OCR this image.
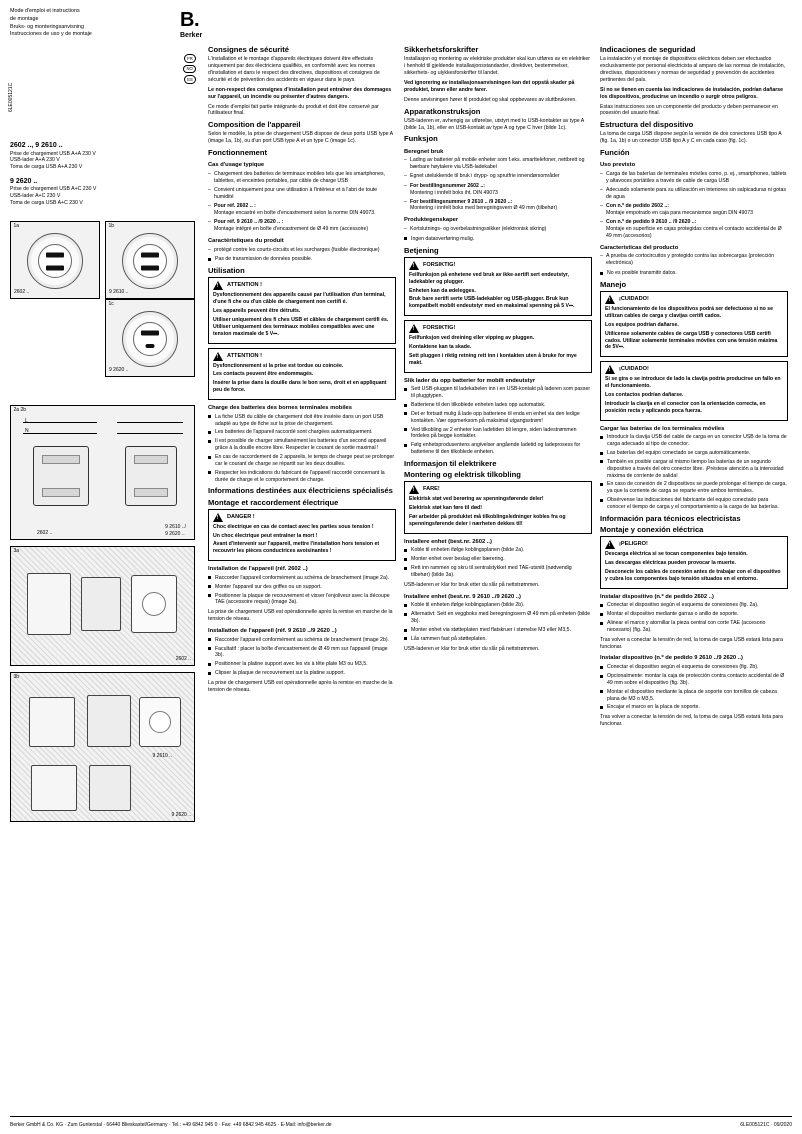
Mode d'emploi et instructions
de montage
Bruks- og monteringsanvisning
Instrucciones de uso y de montaje
6LE005121C
B.
Berker
FR
NO
ES
2602 .., 9 2610 ..
Prise de chargement USB A+A 230 V
USB-lader A+A 230 V
Toma de carga USB A+A 230 V
9 2620 ..
Prise de chargement USB A+C 230 V
USB-lader A+C 230 V
Toma de carga USB A+C 230 V
1a
2602 ..
1b
9 2610 ..
1c
9 2620 ..
2a 2b
L
N
2602 ..
9 2610 ../
9 2620 ..
3a
2602 ..
3b
9 2610 ..
9 2620 ..
Consignes de sécurité

L'installation et le montage d'appareils électriques doivent être effectués uniquement par des électriciens qualifiés, en conformité avec les normes d'installation et dans le respect des directives, dispositions et consignes de sécurité et de prévention des accidents en vigueur dans le pays.

Le non-respect des consignes d'installation peut entraîner des dommages sur l'appareil, un incendie ou présenter d'autres dangers.

Ce mode d'emploi fait partie intégrante du produit et doit être conservé par l'utilisateur final.

Composition de l'appareil

Selon le modèle, la prise de chargement USB dispose de deux ports USB type A (image 1a, 1b), ou d'un port USB type A et un type C (image 1c).

Fonctionnement
Cas d'usage typique
– Chargement des batteries de terminaux mobiles tels que les smartphones, tablettes, et enceintes portables, par câble de charge USB
– Convient uniquement pour une utilisation à l'intérieur et à l'abri de toute humidité
– Pour réf. 2602 .. :
Montage encastré en boîte d'encastrement selon la norme DIN 49073.
– Pour réf. 9 2610 .. /9 2620 .. :
Montage intégré en boîte d'encastrement de Ø 49 mm (accessoire)
Caractéristiques du produit
– protégé contre les courts-circuits et les surcharges (fusible électronique)
Pas de transmission de données possible.
Utilisation
!
ATTENTION !

Dysfonctionnement des appareils causé par l'utilisation d'un terminal, d'une fi che ou d'un câble de chargement non certifi é.

Les appareils peuvent être détruits.

Utiliser uniquement des fi ches USB et câbles de chargement certifi és. Utiliser uniquement des terminaux mobiles compatibles avec une tension maximale de 5 V⎓.

!
ATTENTION !

Dysfonctionnement si la prise est tordue ou coincée.

Les contacts peuvent être endommagés.

Insérer la prise dans la douille dans le bon sens, droit et en appliquant peu de force.

Charge des batteries des bornes terminales mobiles
La fiche USB du câble de chargement doit être insérée dans un port USB adapté au type de fiche sur la prise de chargement.
Les batteries de l'appareil raccordé sont chargées automatiquement.
Il est possible de charger simultanément les batteries d'un second appareil grâce à la douille encore libre. Respecter le courant de sortie maximal !
En cas de raccordement de 2 appareils, le temps de charge peut se prolonger car le courant de charge se répartit sur les deux douilles.
Respecter les indications du fabricant de l'appareil raccordé concernant la durée de charge et le comportement de charge.
Informations destinées aux électriciens spécialisés
Montage et raccordement électrique
!
DANGER !

Choc électrique en cas de contact avec les parties sous tension !

Un choc électrique peut entraîner la mort !

Avant d'intervenir sur l'appareil, mettre l'installation hors tension et recouvrir les pièces conductrices avoisinantes !

Installation de l'appareil (réf. 2602 ..)
Raccorder l'appareil conformément au schéma de branchement (image 2a).
Monter l'appareil sur des griffes ou un support.
Positionner la plaque de recouvrement et visser l'enjoliveur avec la découpe TAE (accessoire requis) (image 3a).

La prise de chargement USB est opérationnelle après la remise en marche de la tension de réseau.

Installation de l'appareil (réf. 9 2610 ../9 2620 ..)
Raccorder l'appareil conformément au schéma de branchement (image 2b).
Facultatif : placer la boîte d'encastrement de Ø 49 mm sur l'appareil (image 3b).
Positionner la platine support avec les vis à tête plate M3 ou M3,5.
Clipser la plaque de recouvrement sur la platine support.

La prise de chargement USB est opérationnelle après la remise en marche de la tension de réseau.

Sikkerhetsforskrifter

Installasjon og montering av elektriske produkter skal kun utføres av en elektriker i henhold til gjeldende installasjonsstandarder, direktiver, bestemmelser, sikkerhets- og ulykkesforskrifter til landet.

Ved ignorering av installasjonsanvisningen kan det oppstå skader på produktet, brann eller andre farer.

Denne anvisningen hører til produktet og skal oppbevares av sluttbrukeren.

Apparatkonstruksjon

USB-laderen er, avhengig av utførelse, utstyrt med to USB-kontakter av type A (bilde 1a, 1b), eller en USB-kontakt av type A og type C hver (bilde 1c).

Funksjon
Beregnet bruk
– Lading av batterier på mobile enheter som f.eks. smarttelefoner, nettbrett og bærbare høytalere via USB-ladekabel
– Egnet utelukkende til bruk i drypp- og sprutfrie innendørsområder
– For bestillingsnummer 2602 ..:
Montering i innfelt boks iht. DIN 49073
– For bestillingsnummer 9 2610 .. /9 2620 ..:
Montering i innfelt boks med beregningsvern Ø 49 mm (tilbehør)
Produktegenskaper
– Kortslutnings- og overbelastningssikker (elektronisk sikring)
Ingen dataoverføring mulig.
Betjening
!
FORSIKTIG!

Feilfunksjon på enhetene ved bruk av ikke-sertifi sert endeutstyr, ladekabler og plugger.

Enheten kan da ødelegges.

Bruk bare sertifi serte USB-ladekabler og USB-plugger. Bruk kun kompatibelt mobilt endeutstyr med en maksimal spenning på 5 V⎓.

!
FORSIKTIG!

Feilfunksjon ved dreining eller vipping av pluggen.

Kontaktene kan ta skade.

Sett pluggen i riktig retning rett inn i kontakten uten å bruke for mye makt.

Slik lader du opp batterier for mobilt endeutstyr
Sett USB-pluggen til ladekabelen inn i en USB-kontakt på laderen som passer til pluggtypen.
Batteriene til den tilkoblede enheten lades opp automatisk.
Det er fortsatt mulig å lade opp batteriene til enda en enhet via den ledige kontakten. Vær oppmerksom på maksimal utgangsstrøm!
Ved tilkobling av 2 enheter kan ladetiden bli lengre, siden ladestrømmen fordeles på begge kontakter.
Følg enhetsprodusentens angivelser angående ladetid og ladeprosess for batteriene til den tilkoblede enheten.
Informasjon til elektrikere
Montering og elektrisk tilkobling
!
FARE!

Elektrisk støt ved berøring av spenningsførende deler!

Elektrisk støt kan føre til død!

Før arbeider på produktet må tilkoblingsledninger kobles fra og spenningsførende deler i nærheten dekkes til!

Installere enhet (best.nr. 2602 ..)
Koble til enheten ifølge koblingsplanen (bilde 2a).
Monter enhet over beslag eller bærering.
Rett inn rammen og skru til sentralstykket med TAE-utsnitt (nødvendig tilbehør) (bilde 3a).

USB-laderen er klar for bruk etter du slår på nettstrømmen.

Installere enhet (best.nr. 9 2610 ../9 2620 ..)
Koble til enheten ifølge koblingsplanen (bilde 2b).
Alternativt: Sett en veggboks med beregningsvern Ø 49 mm på enheten (bilde 3b).
Monter enhet via støtteplaten med flatskruer i størrelse M3 eller M3,5.
Lås rammen fast på støtteplaten.

USB-laderen er klar for bruk etter du slår på nettstrømmen.

Indicaciones de seguridad

La instalación y el montaje de dispositivos eléctricos deben ser efectuados exclusivamente por personal electricista al amparo de las normas de instalación, directivas, disposiciones y normas de seguridad y prevención de accidentes pertinentes del país.

Si no se tienen en cuenta las indicaciones de instalación, podrían dañarse los dispositivos, producirse un incendio o surgir otros peligros.

Estas instrucciones son un componente del producto y deben permanecer en posesión del usuario final.

Estructura del dispositivo

La toma de carga USB dispone según la versión de dos conectores USB tipo A (fig. 1a, 1b) o un conector USB tipo A y C en cada caso (fig. 1c).

Función
Uso previsto
– Carga de las baterías de terminales móviles como, p. ej., smartphones, tablets y altavoces portátiles a través de cable de carga USB
– Adecuado solamente para su utilización en interiores sin salpicaduras ni gotas de agua
– Con n.º de pedido 2602 ..:
Montaje empotrado en caja para mecanismos según DIN 49073
– Con n.º de pedido 9 2610 .. /9 2620 ..:
Montaje en superficie en cajas protegidas contra el contacto accidental de Ø 49 mm (accesorios)
Características del producto
– A prueba de cortocircuitos y protegido contra las sobrecargas (protección electrónica)
No es posible transmitir datos.
Manejo
!
¡CUIDADO!

El funcionamiento de los dispositivos podrá ser defectuoso si no se utilizan cables de carga y clavijas certifi cados.

Los equipos podrían dañarse.

Utilicense solamente cables de carga USB y conectores USB certifi cados. Utilizar solamente terminales móviles con una tensión máxima de 5V⎓.

!
¡CUIDADO!

Si se gira o se introduce de lado la clavija podría producirse un fallo en el funcionamiento.

Los contactos podrían dañarse.

Introducir la clavija en el conector con la orientación correcta, en posición recta y aplicando poca fuerza.

Cargar las baterías de los terminales móviles
Introducir la clavija USB del cable de carga en un conector USB de la toma de carga adecuado al tipo de conector.
Las baterías del equipo conectado se carga automáticamente.
También es posible cargar al mismo tiempo las baterías de un segundo dispositivo a través del otro conector libre. ¡Préstese atención a la intensidad máxima de corriente de salida!
En caso de conexión de 2 dispositivos se puede prolongar el tiempo de carga, ya que la corriente de carga se reparte entre ambos terminales.
Obsérvense las indicaciones del fabricante del equipo conectado para conocer el tiempo de carga y el comportamiento a la carga de las baterías.
Información para técnicos electricistas
Montaje y conexión eléctrica
!
¡PELIGRO!

Descarga eléctrica si se tocan componentes bajo tensión.

Las descargas eléctricas pueden provocar la muerte.

Desconecte los cables de conexión antes de trabajar con el dispositivo y cubra los componentes bajo tensión situados en el entorno.

Instalar dispositivo (n.º de pedido 2602 ..)
Conectar el dispositivo según el esquema de conexiones (fig. 2a).
Montar el dispositivo mediante garras o anillo de soporte.
Alinear el marco y atornillar la pieza central con corte TAE (accesorio necesario) (fig. 3a).

Tras volver a conectar la tensión de red, la toma de carga USB estará lista para funcionar.

Instalar dispositivo (n.º de pedido 9 2610 ../9 2620 ..)
Conectar el dispositivo según el esquema de conexiones (fig. 2b).
Opcionalmente: montar la caja de protección contra contacto accidental de Ø 49 mm sobre el dispositivo (fig. 3b).
Montar el dispositivo mediante la placa de soporte con tornillos de cabeza plana de M3 o M3,5.
Encajar el marco en la placa de soporte.

Tras volver a conectar la tensión de red, la toma de carga USB estará lista para funcionar.

Berker GmbH & Co. KG · Zum Gunterstal · 66440 Blieskastel/Germany · Tel.: +49 6842 945 0 · Fax: +49 6842 945 4625 · E-Mail: info@berker.de	6LE005121C · 09/2020
